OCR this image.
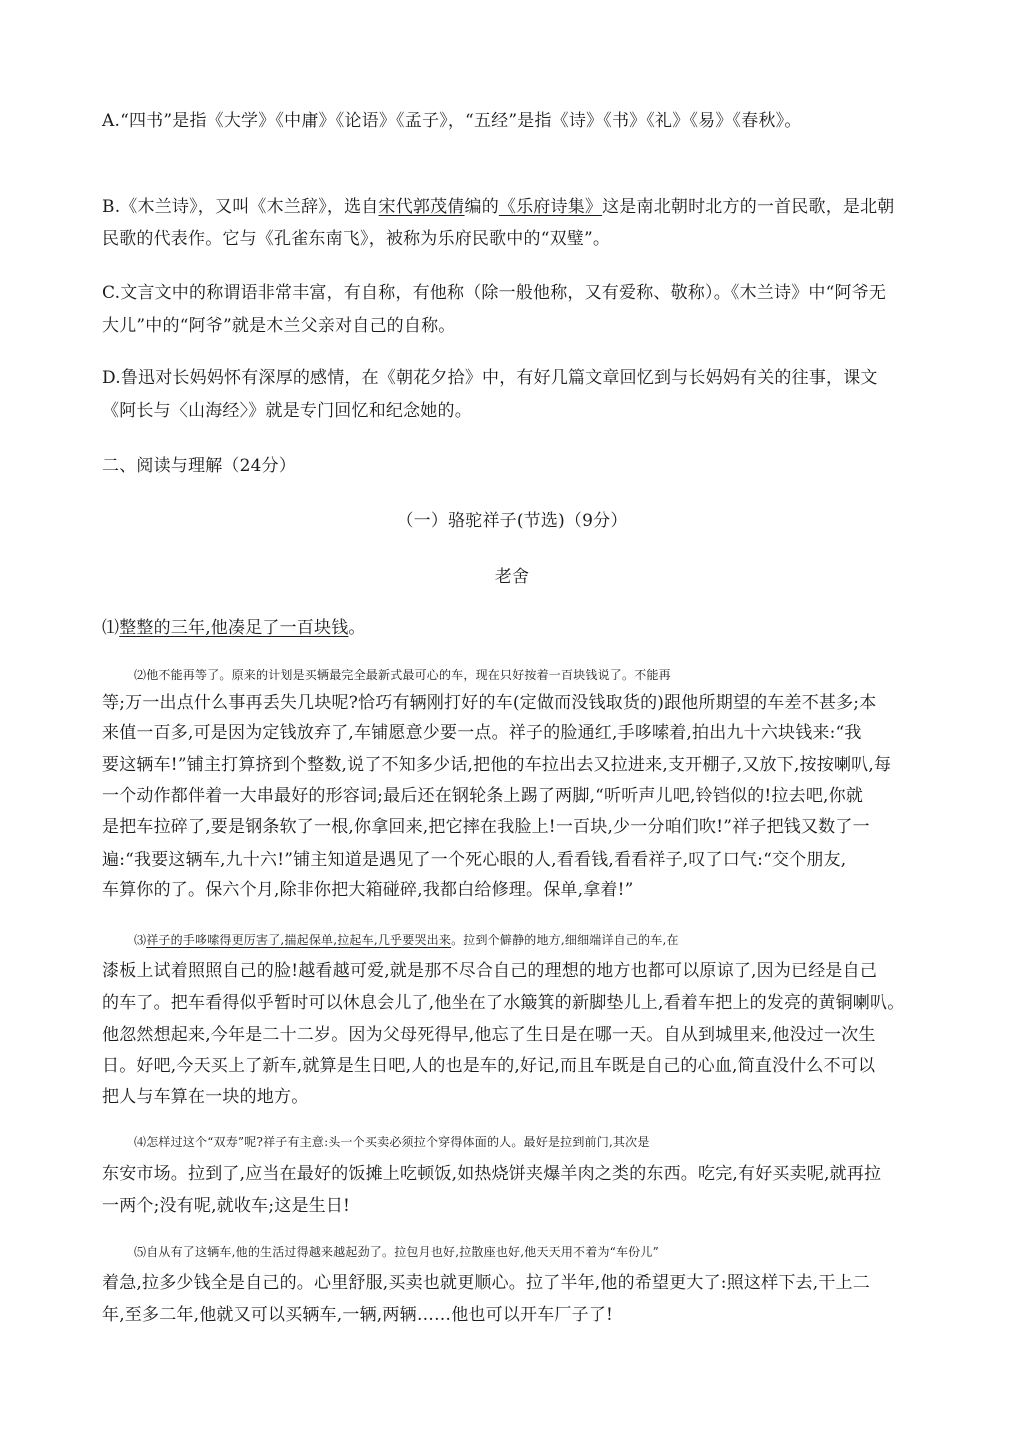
A.“四书”是指《大学》《中庸》《论语》《孟子》，“五经”是指《诗》《书》《礼》《易》《春秋》。
B.《木兰诗》，又叫《木兰辞》，选自宋代郭茂倩编的《乐府诗集》这是南北朝时北方的一首民歌，是北朝
民歌的代表作。它与《孔雀东南飞》，被称为乐府民歌中的“双璧”。
C.文言文中的称谓语非常丰富，有自称，有他称（除一般他称，又有爱称、敬称）。《木兰诗》中“阿爷无
大儿”中的“阿爷”就是木兰父亲对自己的自称。
D.鲁迅对长妈妈怀有深厚的感情，在《朝花夕拾》中，有好几篇文章回忆到与长妈妈有关的往事，课文
《阿长与〈山海经〉》就是专门回忆和纪念她的。
二、阅读与理解（24分）
（一）骆驼祥子(节选)（9分）
老舍
⑴整整的三年,他凑足了一百块钱。
⑵他不能再等了。原来的计划是买辆最完全最新式最可心的车，现在只好按着一百块钱说了。不能再
等;万一出点什么事再丢失几块呢?恰巧有辆刚打好的车(定做而没钱取货的)跟他所期望的车差不甚多;本
来值一百多,可是因为定钱放弃了,车铺愿意少要一点。祥子的脸通红,手哆嗦着,拍出九十六块钱来:“我
要这辆车!”铺主打算挤到个整数,说了不知多少话,把他的车拉出去又拉进来,支开棚子,又放下,按按喇叭,每
一个动作都伴着一大串最好的形容词;最后还在钢轮条上踢了两脚,“听听声儿吧,铃铛似的!拉去吧,你就
是把车拉碎了,要是钢条软了一根,你拿回来,把它摔在我脸上!一百块,少一分咱们吹!”祥子把钱又数了一
遍:“我要这辆车,九十六!”铺主知道是遇见了一个死心眼的人,看看钱,看看祥子,叹了口气:“交个朋友,
车算你的了。保六个月,除非你把大箱碰碎,我都白给修理。保单,拿着!”
⑶祥子的手哆嗦得更厉害了,揣起保单,拉起车,几乎要哭出来。拉到个僻静的地方,细细端详自己的车,在
漆板上试着照照自己的脸!越看越可爱,就是那不尽合自己的理想的地方也都可以原谅了,因为已经是自己
的车了。把车看得似乎暂时可以休息会儿了,他坐在了水簸箕的新脚垫儿上,看着车把上的发亮的黄铜喇叭。
他忽然想起来,今年是二十二岁。因为父母死得早,他忘了生日是在哪一天。自从到城里来,他没过一次生
日。好吧,今天买上了新车,就算是生日吧,人的也是车的,好记,而且车既是自己的心血,简直没什么不可以
把人与车算在一块的地方。
⑷怎样过这个“双寿”呢?祥子有主意:头一个买卖必须拉个穿得体面的人。最好是拉到前门,其次是
东安市场。拉到了,应当在最好的饭摊上吃顿饭,如热烧饼夹爆羊肉之类的东西。吃完,有好买卖呢,就再拉
一两个;没有呢,就收车;这是生日!
⑸自从有了这辆车,他的生活过得越来越起劲了。拉包月也好,拉散座也好,他天天用不着为“车份儿”
着急,拉多少钱全是自己的。心里舒服,买卖也就更顺心。拉了半年,他的希望更大了:照这样下去,干上二
年,至多二年,他就又可以买辆车,一辆,两辆……他也可以开车厂子了!
